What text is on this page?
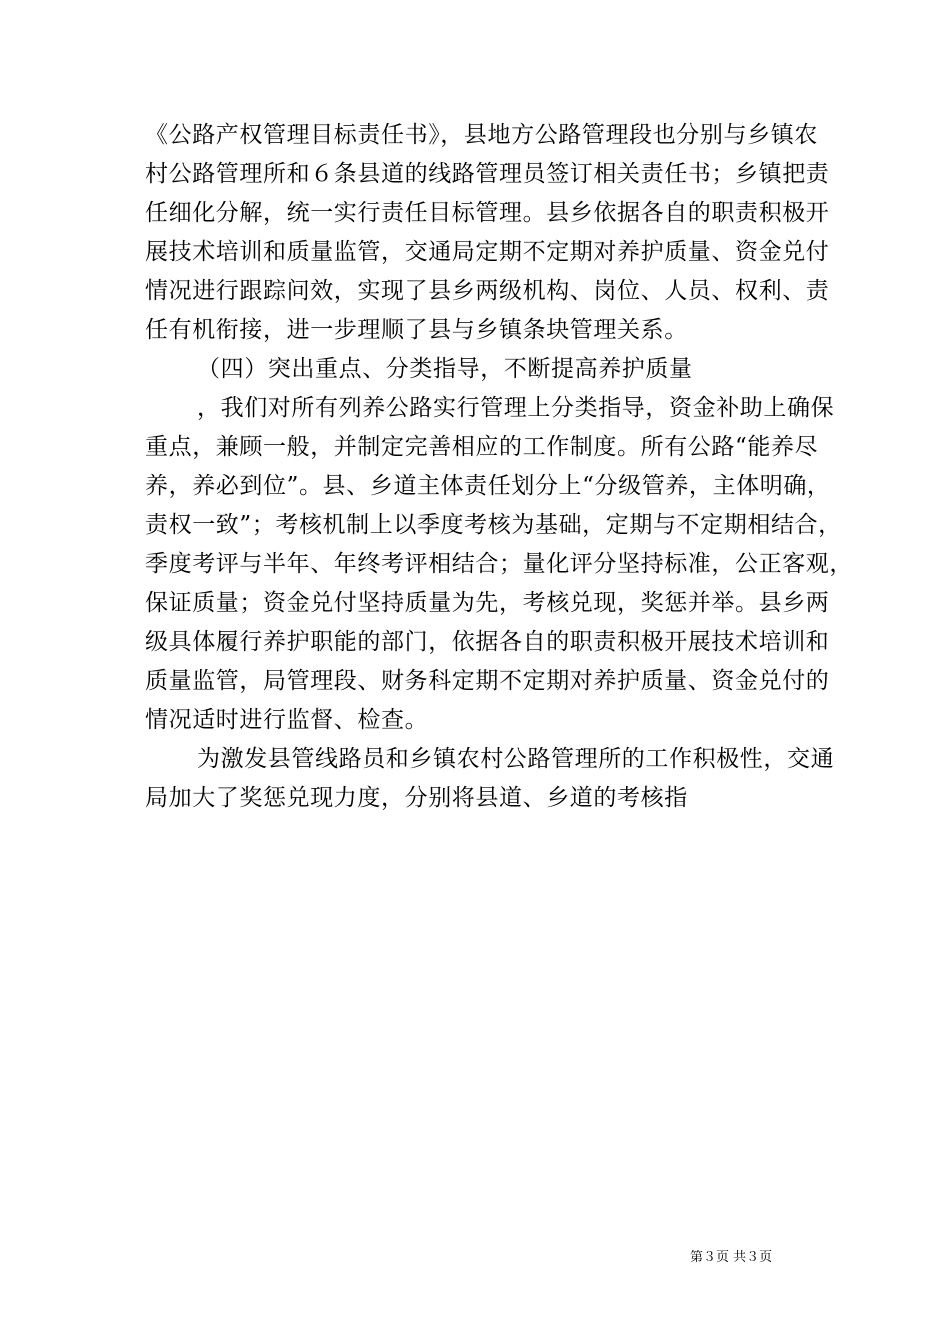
《公路产权管理目标责任书》，县地方公路管理段也分别与乡镇农
村公路管理所和６条县道的线路管理员签订相关责任书；乡镇把责
任细化分解，统一实行责任目标管理。县乡依据各自的职责积极开
展技术培训和质量监管，交通局定期不定期对养护质量、资金兑付
情况进行跟踪问效，实现了县乡两级机构、岗位、人员、权利、责
任有机衔接，进一步理顺了县与乡镇条块管理关系。
（四）突出重点、分类指导，不断提高养护质量
，我们对所有列养公路实行管理上分类指导，资金补助上确保
重点，兼顾一般，并制定完善相应的工作制度。所有公路“能养尽
养，养必到位”。县、乡道主体责任划分上“分级管养，主体明确，
责权一致”；考核机制上以季度考核为基础，定期与不定期相结合，
季度考评与半年、年终考评相结合；量化评分坚持标准，公正客观，
保证质量；资金兑付坚持质量为先，考核兑现，奖惩并举。县乡两
级具体履行养护职能的部门，依据各自的职责积极开展技术培训和
质量监管，局管理段、财务科定期不定期对养护质量、资金兑付的
情况适时进行监督、检查。
为激发县管线路员和乡镇农村公路管理所的工作积极性，交通
局加大了奖惩兑现力度，分别将县道、乡道的考核指
第３页 共３页
